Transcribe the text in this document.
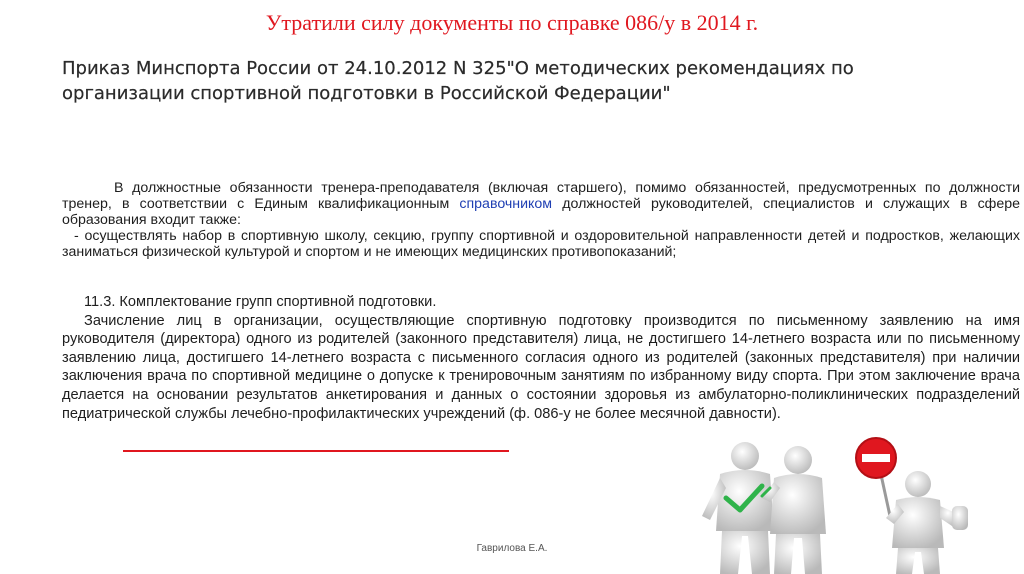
Утратили силу документы по справке 086/у в 2014 г.
Приказ Минспорта России от 24.10.2012 N 325"О методических рекомендациях по организации спортивной подготовки в Российской Федерации"
В должностные обязанности тренера-преподавателя (включая старшего), помимо обязанностей, предусмотренных по должности тренер, в соответствии с Единым квалификационным справочником должностей руководителей, специалистов и служащих в сфере образования входит также:
- осуществлять набор в спортивную школу, секцию, группу спортивной и оздоровительной направленности детей и подростков, желающих заниматься физической культурой и спортом и не имеющих медицинских противопоказаний;
11.3. Комплектование групп спортивной подготовки.
Зачисление лиц в организации, осуществляющие спортивную подготовку производится по письменному заявлению на имя руководителя (директора) одного из родителей (законного представителя) лица, не достигшего 14-летнего возраста или по письменному заявлению лица, достигшего 14-летнего возраста с письменного согласия одного из родителей (законных представителя) при наличии заключения врача по спортивной медицине о допуске к тренировочным занятиям по избранному виду спорта. При этом заключение врача делается на основании результатов анкетирования и данных о состоянии здоровья из амбулаторно-поликлинических подразделений педиатрической службы лечебно-профилактических учреждений (ф. 086-у не более месячной давности).
Гаврилова Е.А.
